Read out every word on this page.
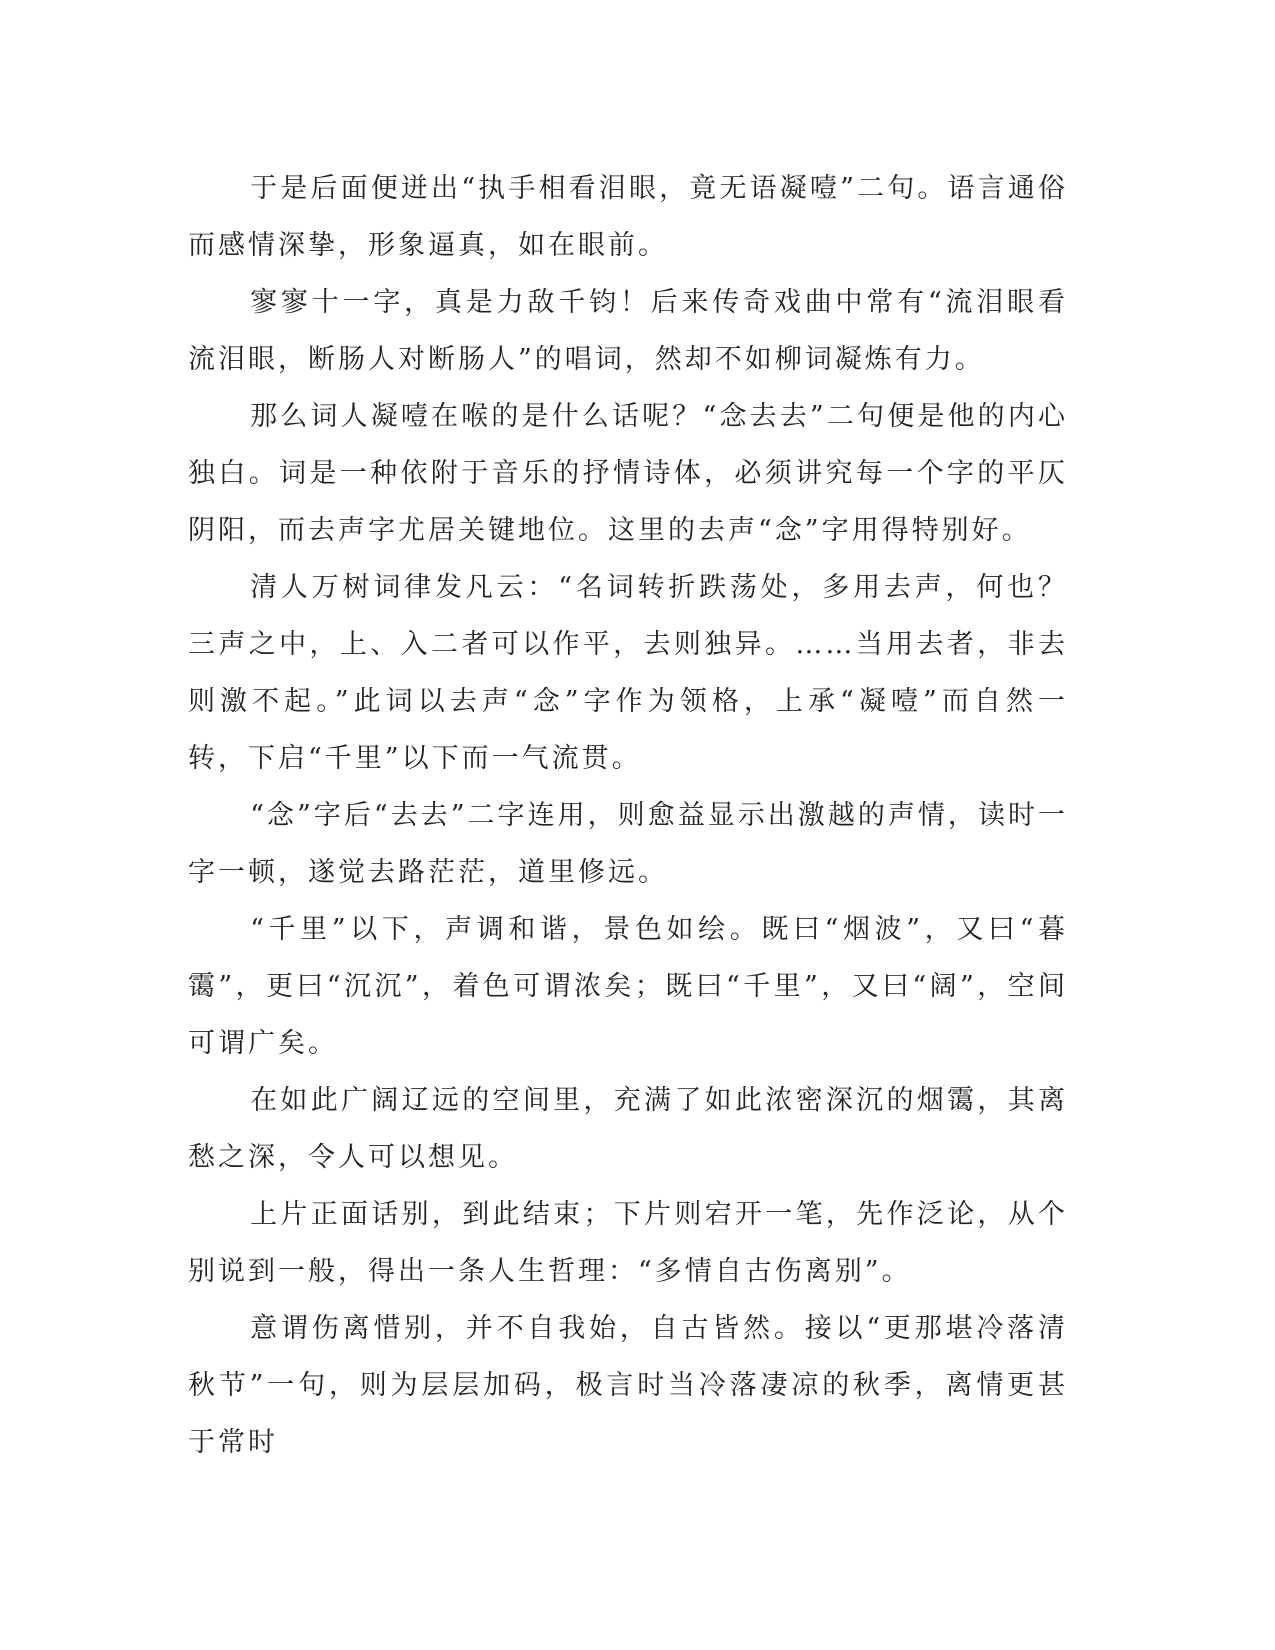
于是后面便迸出“执手相看泪眼，竟无语凝噎”二句。语言通俗而感情深挚，形象逼真，如在眼前。

寥寥十一字，真是力敌千钧！后来传奇戏曲中常有“流泪眼看流泪眼，断肠人对断肠人”的唱词，然却不如柳词凝炼有力。

那么词人凝噎在喉的是什么话呢？“念去去”二句便是他的内心独白。词是一种依附于音乐的抒情诗体，必须讲究每一个字的平仄阴阳，而去声字尤居关键地位。这里的去声“念”字用得特别好。

清人万树词律发凡云：“名词转折跌荡处，多用去声，何也？三声之中，上、入二者可以作平，去则独异。……当用去者，非去则激不起。”此词以去声“念”字作为领格，上承“凝噎”而自然一转，下启“千里”以下而一气流贯。

“念”字后“去去”二字连用，则愈益显示出激越的声情，读时一字一顿，遂觉去路茫茫，道里修远。

“千里”以下，声调和谐，景色如绘。既曰“烟波”，又曰“暮霭”，更曰“沉沉”，着色可谓浓矣；既曰“千里”，又曰“阔”，空间可谓广矣。

在如此广阔辽远的空间里，充满了如此浓密深沉的烟霭，其离愁之深，令人可以想见。

上片正面话别，到此结束；下片则宕开一笔，先作泛论，从个别说到一般，得出一条人生哲理：“多情自古伤离别”。

意谓伤离惜别，并不自我始，自古皆然。接以“更那堪冷落清秋节”一句，则为层层加码，极言时当冷落凄凉的秋季，离情更甚于常时
